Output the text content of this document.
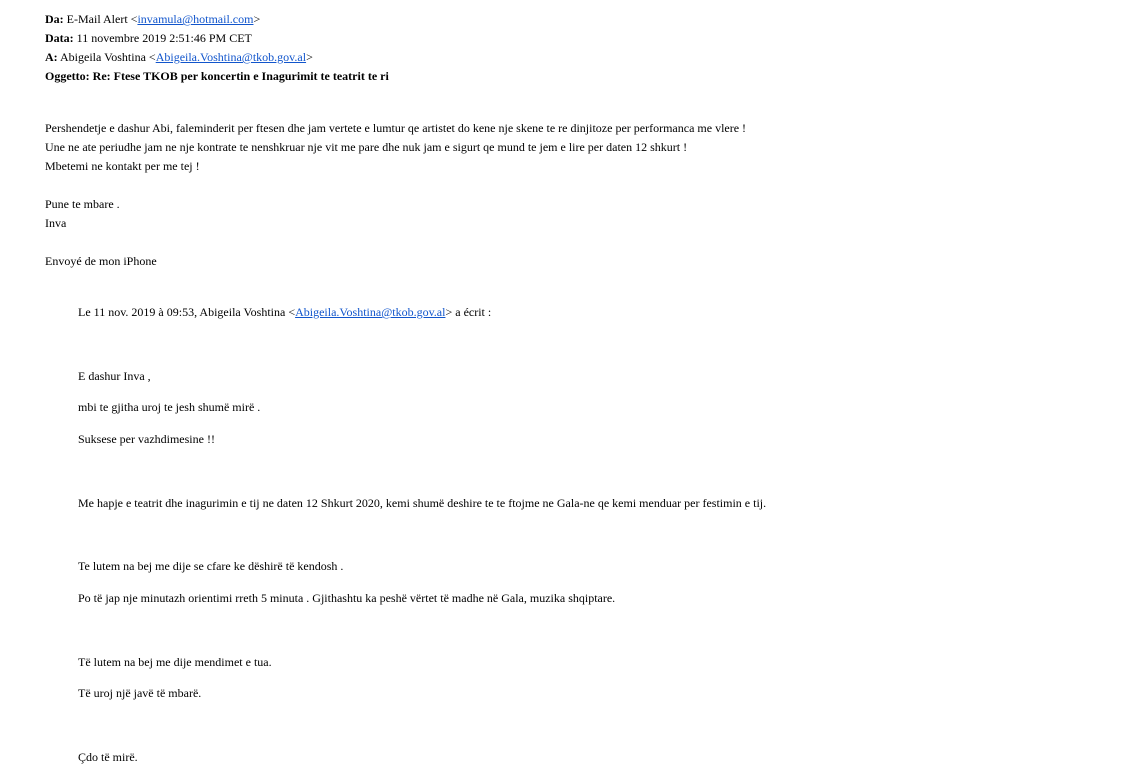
Da: E-Mail Alert <invamula@hotmail.com>
Data: 11 novembre 2019 2:51:46 PM CET
A: Abigeila Voshtina <Abigeila.Voshtina@tkob.gov.al>
Oggetto: Re: Ftese TKOB per koncertin e Inagurimit te teatrit te ri
Pershendetje e dashur Abi, faleminderit per ftesen dhe jam vertete e lumtur qe artistet do kene nje skene te re dinjitoze per performanca me vlere !
Une ne ate periudhe jam ne nje kontrate te nenshkruar nje vit me pare dhe nuk jam e sigurt qe mund te jem e lire per daten 12 shkurt !
Mbetemi ne kontakt per me tej !
Pune te mbare .
Inva
Envoyé de mon iPhone
Le 11 nov. 2019 à 09:53, Abigeila Voshtina <Abigeila.Voshtina@tkob.gov.al> a écrit :
E dashur Inva ,
mbi te gjitha uroj te jesh shumë mirë .
Suksese per vazhdimesine !!
Me hapje e teatrit dhe inagurimin e tij ne daten 12 Shkurt 2020, kemi shumë deshire te te ftojme ne Gala-ne qe kemi menduar per festimin e tij.
Te lutem na bej me dije se cfare ke dëshirë të kendosh .
Po të jap nje minutazh orientimi rreth 5 minuta . Gjithashtu ka peshë vërtet të madhe në Gala, muzika shqiptare.
Të lutem na bej me dije mendimet e tua.
Të uroj një javë të mbarë.
Çdo të mirë.
